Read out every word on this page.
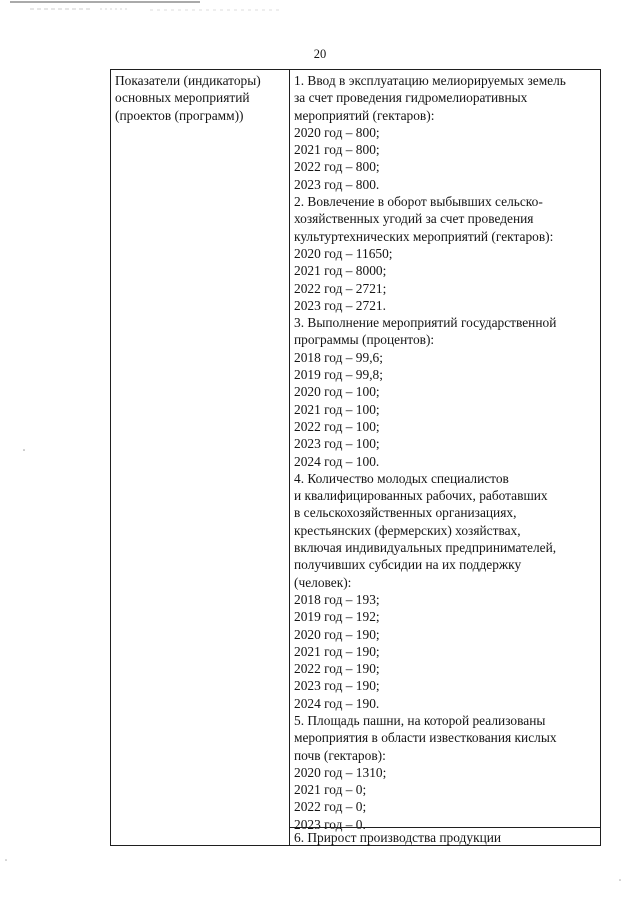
20
Показатели (индикаторы)
основных мероприятий
(проектов (программ))
1. Ввод в эксплуатацию мелиорируемых земель
за счет проведения гидромелиоративных
мероприятий (гектаров):
2020 год – 800;
2021 год – 800;
2022 год – 800;
2023 год – 800.
2. Вовлечение в оборот выбывших сельско-
хозяйственных угодий за счет проведения
культуртехнических мероприятий (гектаров):
2020 год – 11650;
2021 год – 8000;
2022 год – 2721;
2023 год – 2721.
3. Выполнение мероприятий государственной
программы (процентов):
2018 год – 99,6;
2019 год – 99,8;
2020 год – 100;
2021 год – 100;
2022 год – 100;
2023 год – 100;
2024 год – 100.
4. Количество молодых специалистов
и квалифицированных рабочих, работавших
в сельскохозяйственных организациях,
крестьянских (фермерских) хозяйствах,
включая индивидуальных предпринимателей,
получивших субсидии на их поддержку
(человек):
2018 год – 193;
2019 год – 192;
2020 год – 190;
2021 год – 190;
2022 год – 190;
2023 год – 190;
2024 год – 190.
5. Площадь пашни, на которой реализованы
мероприятия в области известкования кислых
почв (гектаров):
2020 год – 1310;
2021 год – 0;
2022 год – 0;
2023 год – 0.
6. Прирост производства продукции
